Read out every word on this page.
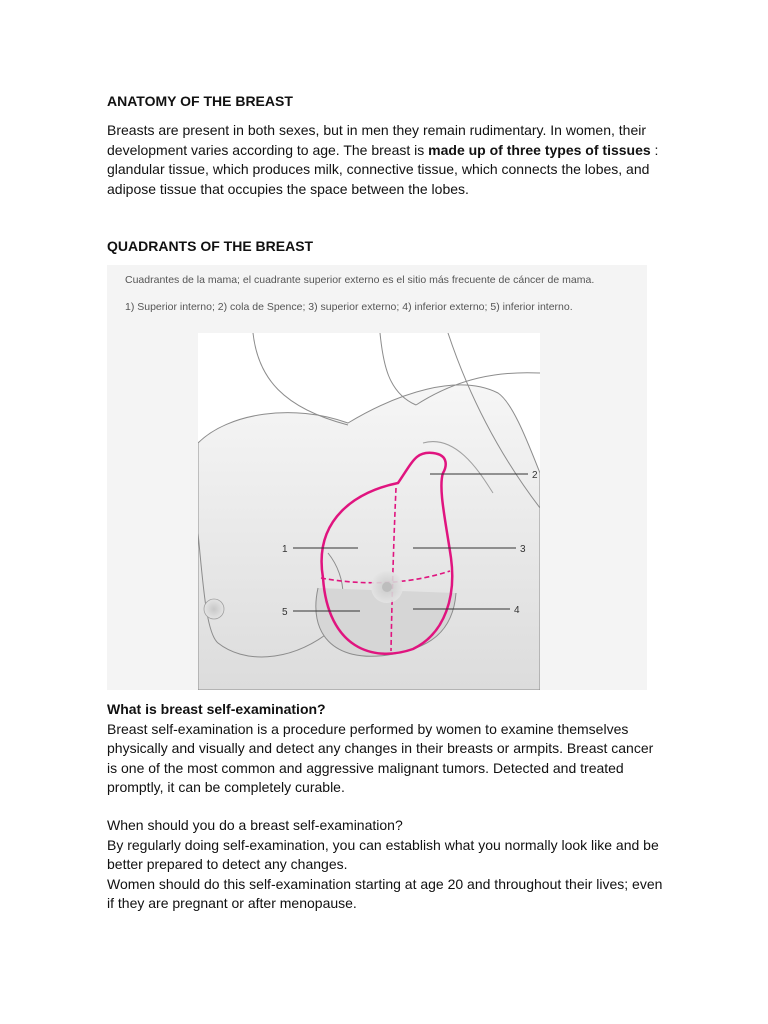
ANATOMY OF THE BREAST

Breasts are present in both sexes, but in men they remain rudimentary. In women, their development varies according to age. The breast is made up of three types of tissues : glandular tissue, which produces milk, connective tissue, which connects the lobes, and adipose tissue that occupies the space between the lobes.

QUADRANTS OF THE BREAST

Cuadrantes de la mama; el cuadrante superior externo es el sitio más frecuente de cáncer de mama.

1) Superior interno; 2) cola de Spence; 3) superior externo; 4) inferior externo; 5) inferior interno.

1
2
3
4
5

What is breast self-examination?

Breast self-examination is a procedure performed by women to examine themselves physically and visually and detect any changes in their breasts or armpits. Breast cancer is one of the most common and aggressive malignant tumors. Detected and treated promptly, it can be completely curable.

When should you do a breast self-examination?

By regularly doing self-examination, you can establish what you normally look like and be better prepared to detect any changes.

Women should do this self-examination starting at age 20 and throughout their lives; even if they are pregnant or after menopause.
